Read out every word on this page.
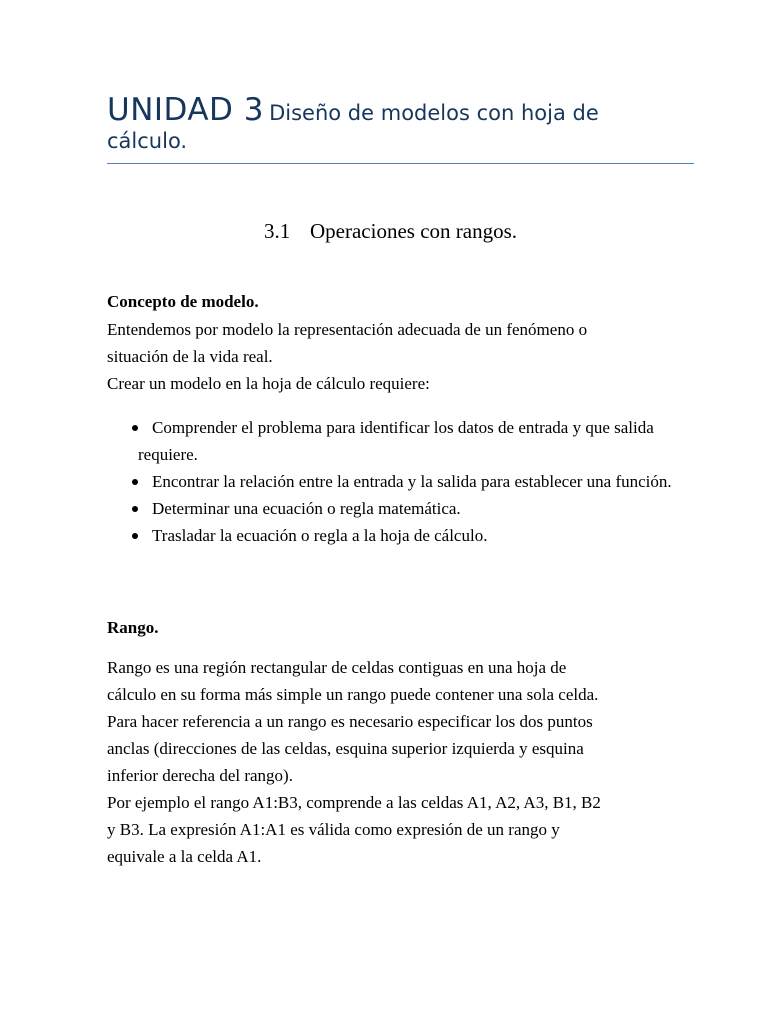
UNIDAD 3 Diseño de modelos con hoja de
cálculo.
3.1 Operaciones con rangos.
Concepto de modelo.

Entendemos por modelo la representación adecuada de un fenómeno o

situación de la vida real.

Crear un modelo en la hoja de cálculo requiere:

Comprender el problema para identificar los datos de entrada y que salida requiere.
Encontrar la relación entre la entrada y la salida para establecer una función.
Determinar una ecuación o regla matemática.
Trasladar la ecuación o regla a la hoja de cálculo.
Rango.

Rango es una región rectangular de celdas contiguas en una hoja de

cálculo en su forma más simple un rango puede contener una sola celda.

Para hacer referencia a un rango es necesario especificar los dos puntos

anclas (direcciones de las celdas, esquina superior izquierda y esquina

inferior derecha del rango).

Por ejemplo el rango A1:B3, comprende a las celdas A1, A2, A3, B1, B2

y B3. La expresión A1:A1 es válida como expresión de un rango y

equivale a la celda A1.
